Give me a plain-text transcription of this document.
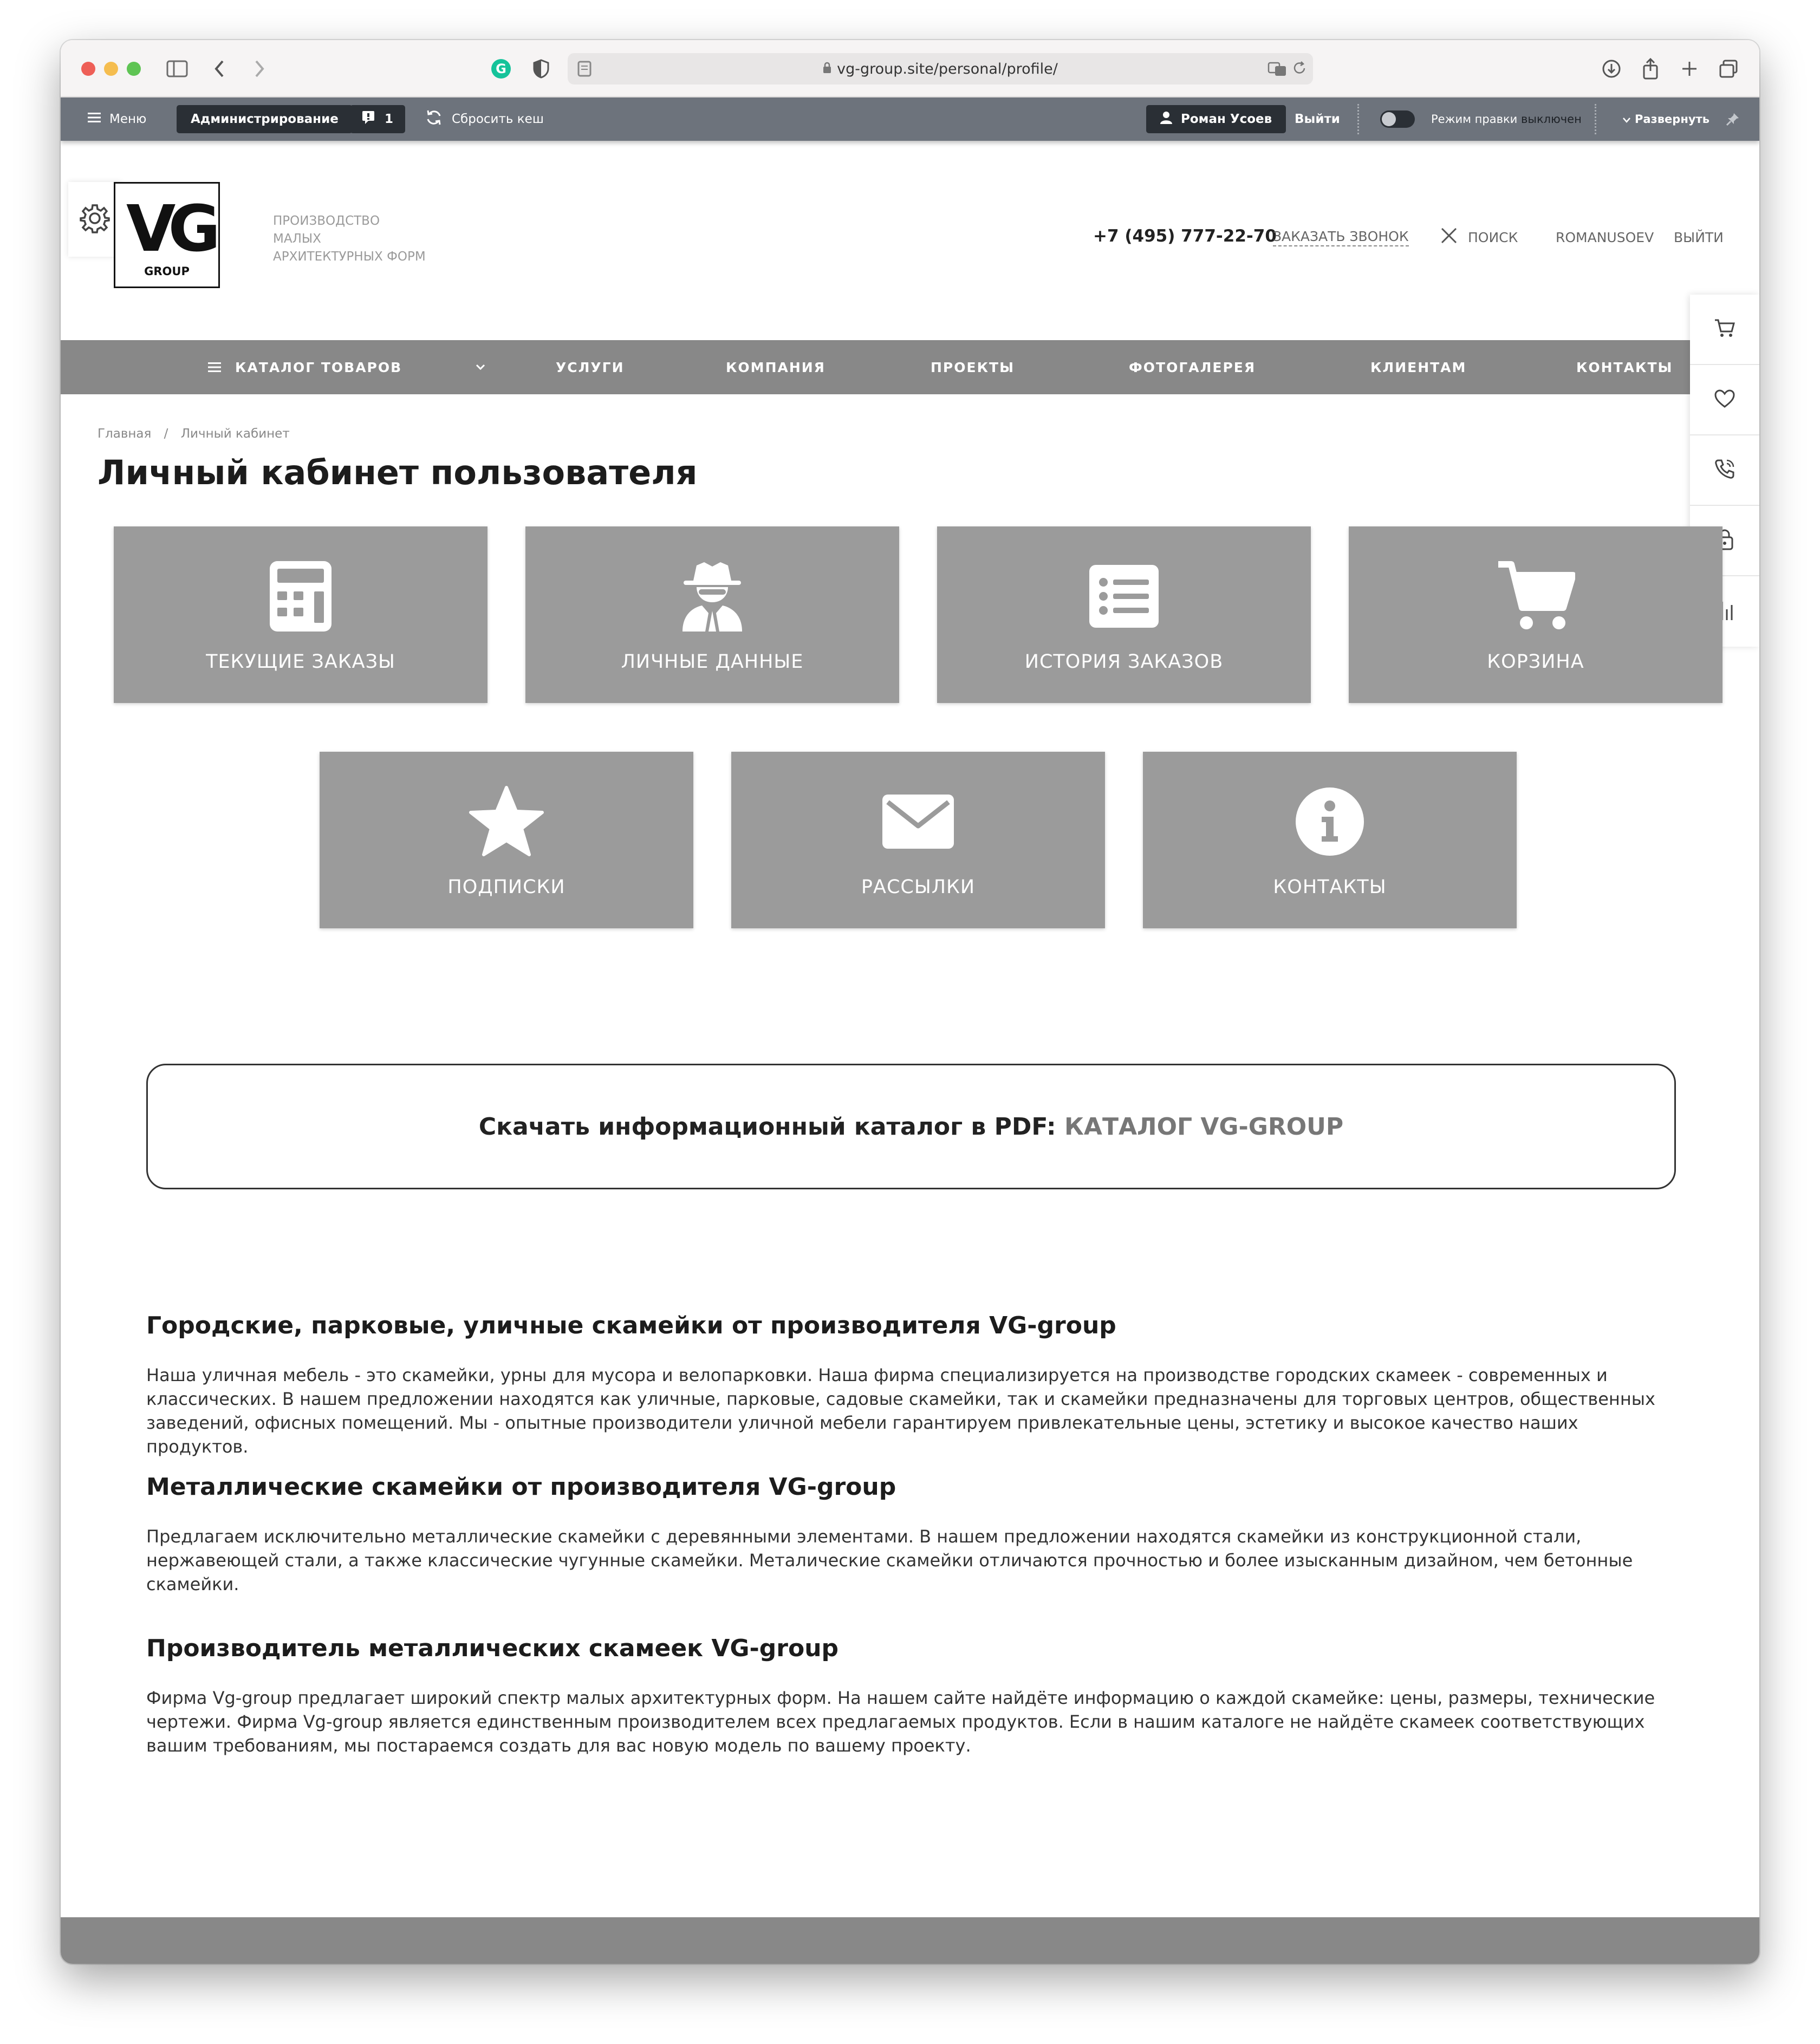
G	vg-group.site/personal/profile/
Меню	Администрирование	1	Сбросить кеш	Роман Усоев Выйти	Режим правки
выключен	Развернуть
VG
GROUP
ПРОИЗВОДСТВО
МАЛЫХ
АРХИТЕКТУРНЫХ ФОРМ
+7 (495) 777-22-70
ЗАКАЗАТЬ ЗВОНОК	ПОИСК	ROMANUSOEV ВЫЙТИ
КАТАЛОГ ТОВАРОВ	УСЛУГИ	КОМПАНИЯ	ПРОЕКТЫ	ФОТОГАЛЕРЕЯ	КЛИЕНТАМ	КОНТАКТЫ
Главная / Личный кабинет
Личный кабинет пользователя
ТЕКУЩИЕ ЗАКАЗЫ	ЛИЧНЫЕ ДАННЫЕ	ИСТОРИЯ ЗАКАЗОВ	КОРЗИНА
ПОДПИСКИ	РАССЫЛКИ	КОНТАКТЫ
Скачать информационный каталог в PDF:
КАТАЛОГ VG-GROUP
Городские, парковые, уличные скамейки от производителя VG-group

Наша уличная мебель - это скамейки, урны для мусора и велопарковки. Наша фирма специализируется на производстве городских скамеек - современных и
классических. В нашем предложении находятся как уличные, парковые, садовые скамейки, так и скамейки предназначены для торговых центров, общественных
заведений, офисных помещений. Мы - опытные производители уличной мебели гарантируем привлекательные цены, эстетику и высокое качество наших продуктов.

Металлические скамейки от производителя VG-group

Предлагаем исключительно металлические скамейки с деревянными элементами. В нашем предложении находятся скамейки из конструкционной стали,
нержавеющей стали, а также классические чугунные скамейки. Металические скамейки отличаются прочностью и более изысканным дизайном, чем бетонные
скамейки.

Производитель металлических скамеек VG-group

Фирма Vg-group предлагает широкий спектр малых архитектурных форм. На нашем сайте найдёте информацию о каждой скамейке: цены, размеры, технические
чертежи. Фирма Vg-group является единственным производителем всех предлагаемых продуктов. Если в нашим каталоге не найдёте скамеек соответствующих
вашим требованиям, мы постараемся создать для вас новую модель по вашему проекту.
